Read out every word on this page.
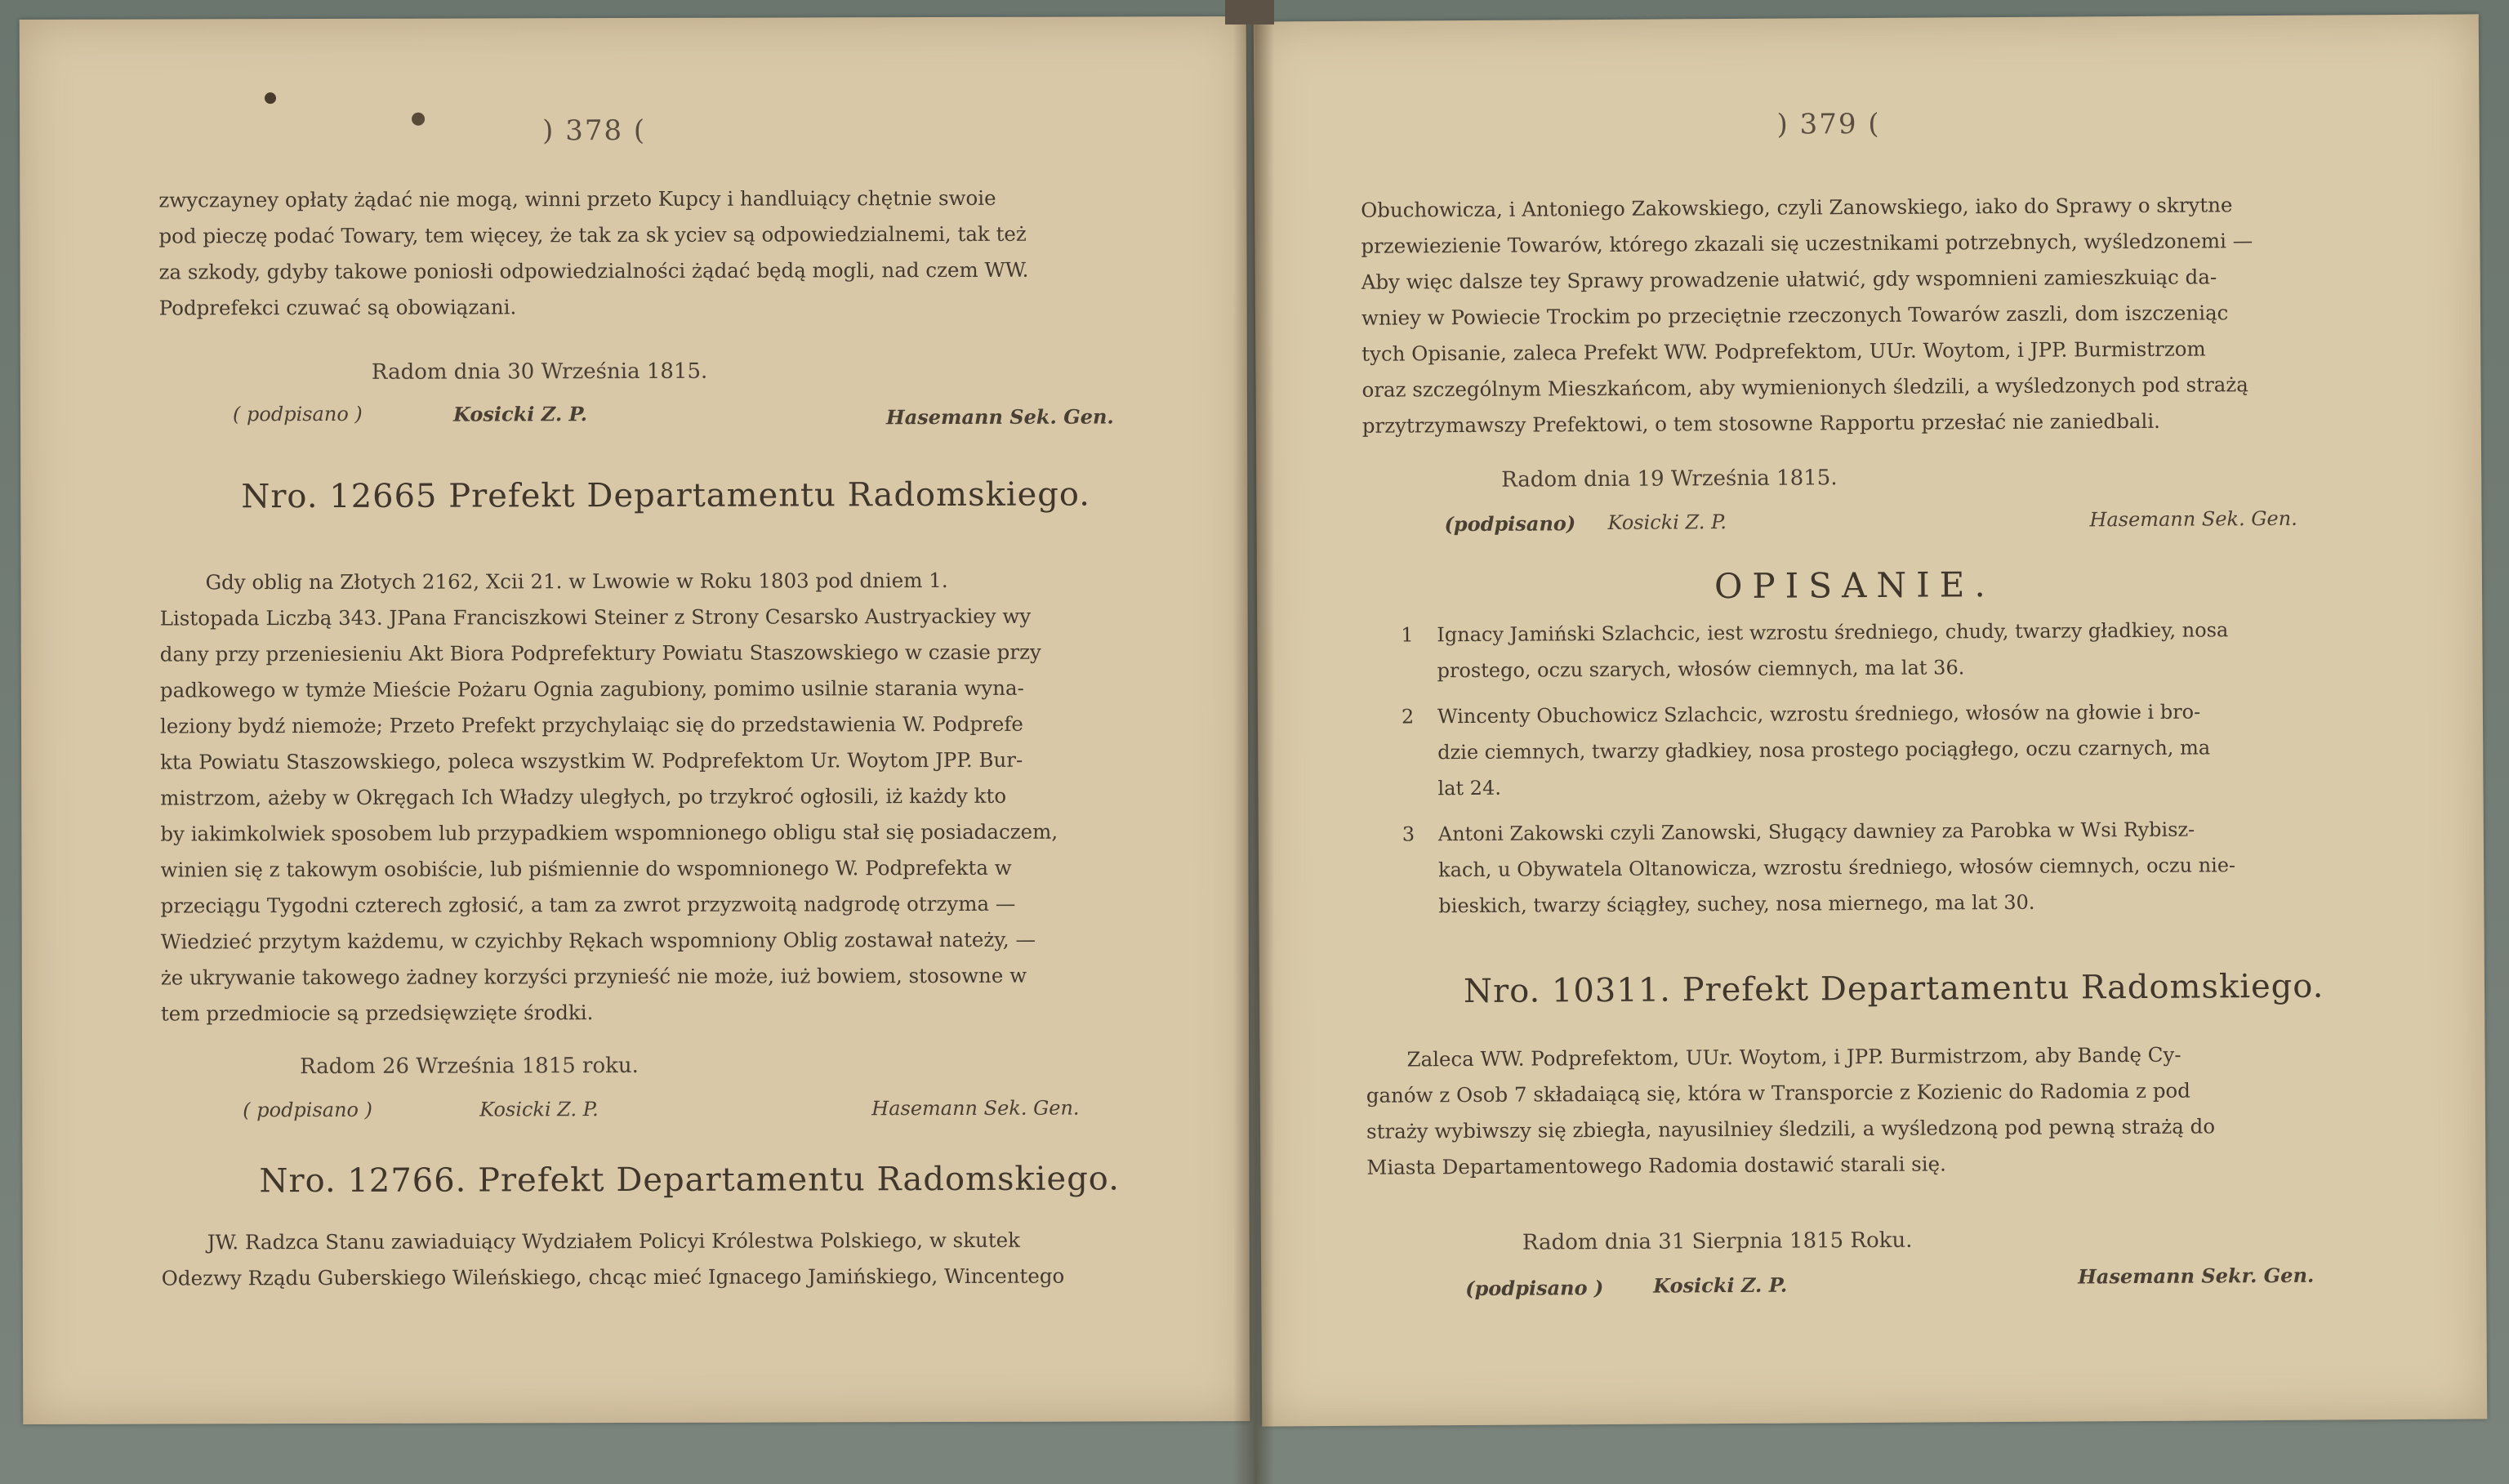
) 378 (
zwyczayney opłaty żądać nie mogą, winni przeto Kupcy i handluiący chętnie swoie
pod pieczę podać Towary, tem więcey, że tak za sk yciev są odpowiedzialnemi, tak też
za szkody, gdyby takowe poniosłi odpowiedzialności żądać będą mogli, nad czem WW.
Podprefekci czuwać są obowiązani.
Radom dnia 30 Września 1815.
( podpisano )	Kosicki Z. P.	Hasemann Sek. Gen.
Nro. 12665 Prefekt Departamentu Radomskiego.
Gdy oblig na Złotych 2162, Xcii 21. w Lwowie w Roku 1803 pod dniem 1.
Listopada Liczbą 343. JPana Franciszkowi Steiner z Strony Cesarsko Austryackiey wy
dany przy przeniesieniu Akt Biora Podprefektury Powiatu Staszowskiego w czasie przy
padkowego w tymże Mieście Pożaru Ognia zagubiony, pomimo usilnie starania wyna-
leziony bydź niemoże; Przeto Prefekt przychylaiąc się do przedstawienia W. Podprefe
kta Powiatu Staszowskiego, poleca wszystkim W. Podprefektom Ur. Woytom JPP. Bur-
mistrzom, ażeby w Okręgach Ich Władzy uległych, po trzykroć ogłosili, iż każdy kto
by iakimkolwiek sposobem lub przypadkiem wspomnionego obligu stał się posiadaczem,
winien się z takowym osobiście, lub piśmiennie do wspomnionego W. Podprefekta w
przeciągu Tygodni czterech zgłosić, a tam za zwrot przyzwoitą nadgrodę otrzyma —
Wiedzieć przytym każdemu, w czyichby Rękach wspomniony Oblig zostawał nateży, —
że ukrywanie takowego żadney korzyści przynieść nie może, iuż bowiem, stosowne w
tem przedmiocie są przedsięwzięte środki.
Radom 26 Września 1815 roku.
( podpisano )	Kosicki Z. P.	Hasemann Sek. Gen.
Nro. 12766. Prefekt Departamentu Radomskiego.
JW. Radzca Stanu zawiaduiący Wydziałem Policyi Królestwa Polskiego, w skutek
Odezwy Rządu Guberskiego Wileńskiego, chcąc mieć Ignacego Jamińskiego, Wincentego
) 379 (
Obuchowicza, i Antoniego Zakowskiego, czyli Zanowskiego, iako do Sprawy o skrytne
przewiezienie Towarów, którego zkazali się uczestnikami potrzebnych, wyśledzonemi —
Aby więc dalsze tey Sprawy prowadzenie ułatwić, gdy wspomnieni zamieszkuiąc da-
wniey w Powiecie Trockim po przeciętnie rzeczonych Towarów zaszli, dom iszczeniąc
tych Opisanie, zaleca Prefekt WW. Podprefektom, UUr. Woytom, i JPP. Burmistrzom
oraz szczególnym Mieszkańcom, aby wymienionych śledzili, a wyśledzonych pod strażą
przytrzymawszy Prefektowi, o tem stosowne Rapportu przesłać nie zaniedbali.
Radom dnia 19 Września 1815.
(podpisano) Kosicki Z. P.	Hasemann Sek. Gen.
OPISANIE.
1 Ignacy Jamiński Szlachcic, iest wzrostu średniego, chudy, twarzy gładkiey, nosa
prostego, oczu szarych, włosów ciemnych, ma lat 36.
2 Wincenty Obuchowicz Szlachcic, wzrostu średniego, włosów na głowie i bro-
dzie ciemnych, twarzy gładkiey, nosa prostego pociągłego, oczu czarnych, ma
lat 24.
3 Antoni Zakowski czyli Zanowski, Sługący dawniey za Parobka w Wsi Rybisz-
kach, u Obywatela Oltanowicza, wzrostu średniego, włosów ciemnych, oczu nie-
bieskich, twarzy ściągłey, suchey, nosa miernego, ma lat 30.
Nro. 10311. Prefekt Departamentu Radomskiego.
Zaleca WW. Podprefektom, UUr. Woytom, i JPP. Burmistrzom, aby Bandę Cy-
ganów z Osob 7 składaiącą się, która w Transporcie z Kozienic do Radomia z pod
straży wybiwszy się zbiegła, nayusilniey śledzili, a wyśledzoną pod pewną strażą do
Miasta Departamentowego Radomia dostawić starali się.
Radom dnia 31 Sierpnia 1815 Roku.
(podpisano )	Kosicki Z. P.	Hasemann Sekr. Gen.
